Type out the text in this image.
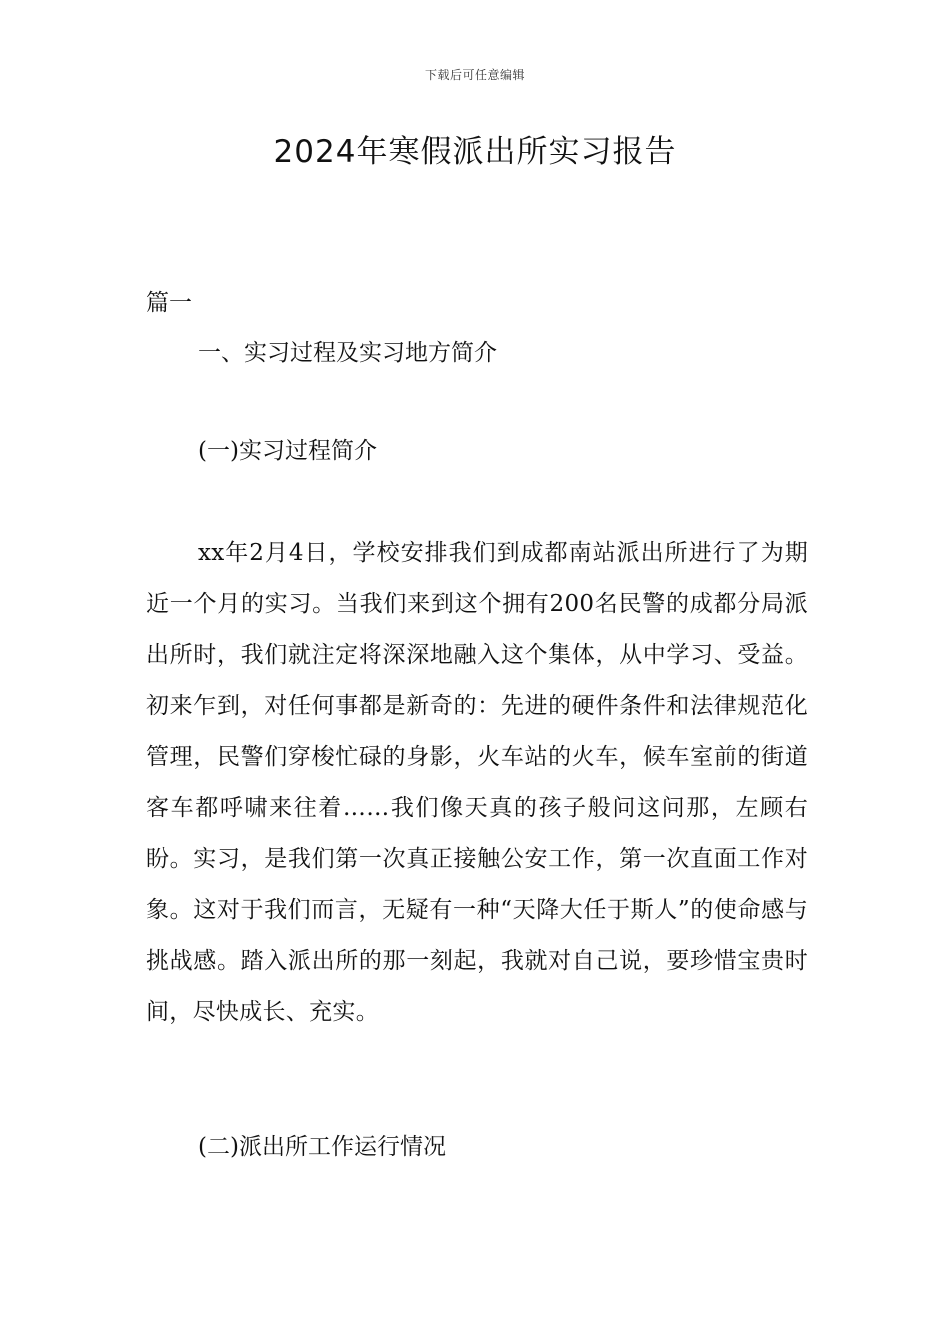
下载后可任意编辑
2024年寒假派出所实习报告
篇一
一、实习过程及实习地方简介
(一)实习过程简介

xx年2月4日，学校安排我们到成都南站派出所进行了为期近一个月的实习。当我们来到这个拥有200名民警的成都分局派出所时，我们就注定将深深地融入这个集体，从中学习、受益。初来乍到，对任何事都是新奇的：先进的硬件条件和法律规范化管理，民警们穿梭忙碌的身影，火车站的火车，候车室前的街道客车都呼啸来往着……我们像天真的孩子般问这问那，左顾右盼。实习，是我们第一次真正接触公安工作，第一次直面工作对象。这对于我们而言，无疑有一种“天降大任于斯人”的使命感与挑战感。踏入派出所的那一刻起，我就对自己说，要珍惜宝贵时间，尽快成长、充实。

(二)派出所工作运行情况
